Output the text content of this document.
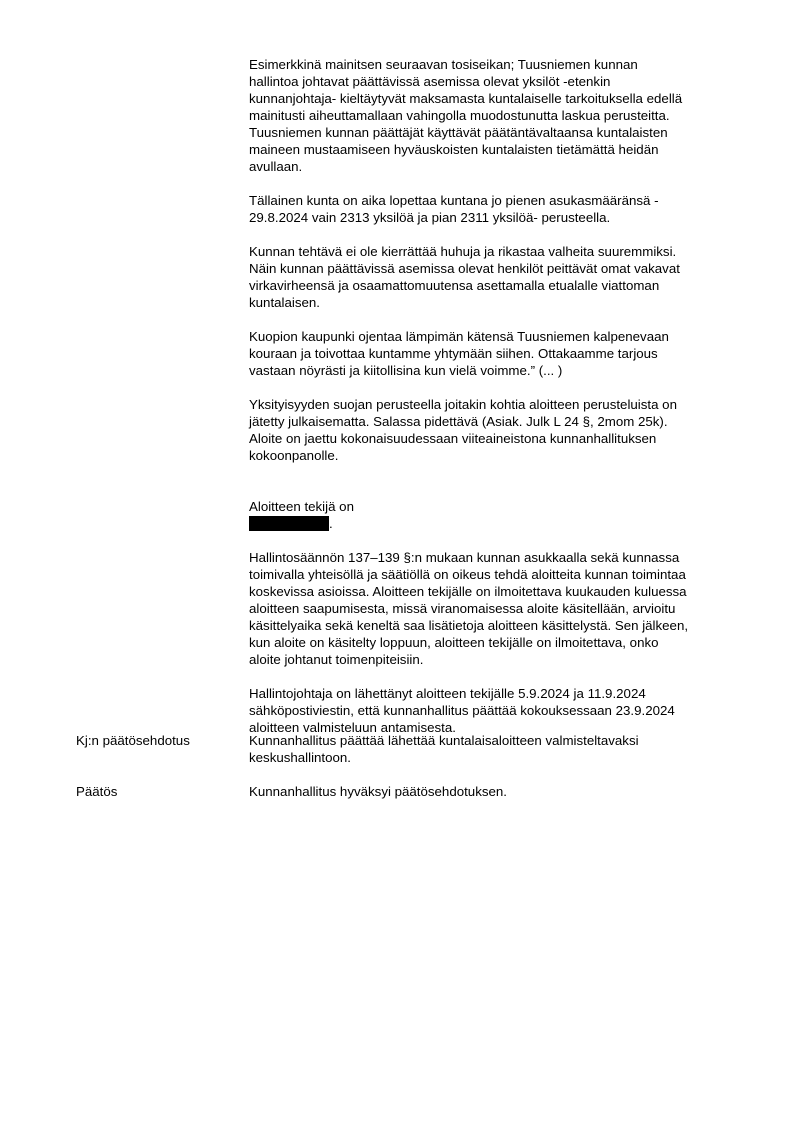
Esimerkkinä mainitsen seuraavan tosiseikan; Tuusniemen kunnan
hallintoa johtavat päättävissä asemissa olevat yksilöt -etenkin
kunnanjohtaja- kieltäytyvät maksamasta kuntalaiselle tarkoituksella edellä
mainitusti aiheuttamallaan vahingolla muodostunutta laskua perusteitta.
Tuusniemen kunnan päättäjät käyttävät päätäntävaltaansa kuntalaisten
maineen mustaamiseen hyväuskoisten kuntalaisten tietämättä heidän
avullaan.

Tällainen kunta on aika lopettaa kuntana jo pienen asukasmääränsä -
29.8.2024 vain 2313 yksilöä ja pian 2311 yksilöä- perusteella.

Kunnan tehtävä ei ole kierrättää huhuja ja rikastaa valheita suuremmiksi.
Näin kunnan päättävissä asemissa olevat henkilöt peittävät omat vakavat
virkavirheensä ja osaamattomuutensa asettamalla etualalle viattoman
kuntalaisen.

Kuopion kaupunki ojentaa lämpimän kätensä Tuusniemen kalpenevaan
kouraan ja toivottaa kuntamme yhtymään siihen. Ottakaamme tarjous
vastaan nöyrästi ja kiitollisina kun vielä voimme.” (... )

Yksityisyyden suojan perusteella joitakin kohtia aloitteen perusteluista on
jätetty julkaisematta. Salassa pidettävä (Asiak. Julk L 24 §, 2mom 25k).
Aloite on jaettu kokonaisuudessaan viiteaineistona kunnanhallituksen
kokoonpanolle.

Aloitteen tekijä on
.

Hallintosäännön 137–139 §:n mukaan kunnan asukkaalla sekä kunnassa
toimivalla yhteisöllä ja säätiöllä on oikeus tehdä aloitteita kunnan toimintaa
koskevissa asioissa. Aloitteen tekijälle on ilmoitettava kuukauden kuluessa
aloitteen saapumisesta, missä viranomaisessa aloite käsitellään, arvioitu
käsittelyaika sekä keneltä saa lisätietoja aloitteen käsittelystä. Sen jälkeen,
kun aloite on käsitelty loppuun, aloitteen tekijälle on ilmoitettava, onko
aloite johtanut toimenpiteisiin.

Hallintojohtaja on lähettänyt aloitteen tekijälle 5.9.2024 ja 11.9.2024
sähköpostiviestin, että kunnanhallitus päättää kokouksessaan 23.9.2024
aloitteen valmisteluun antamisesta.

Kj:n päätösehdotus	Kunnanhallitus päättää lähettää kuntalaisaloitteen valmisteltavaksi
keskushallintoon.
Päätös	Kunnanhallitus hyväksyi päätösehdotuksen.
